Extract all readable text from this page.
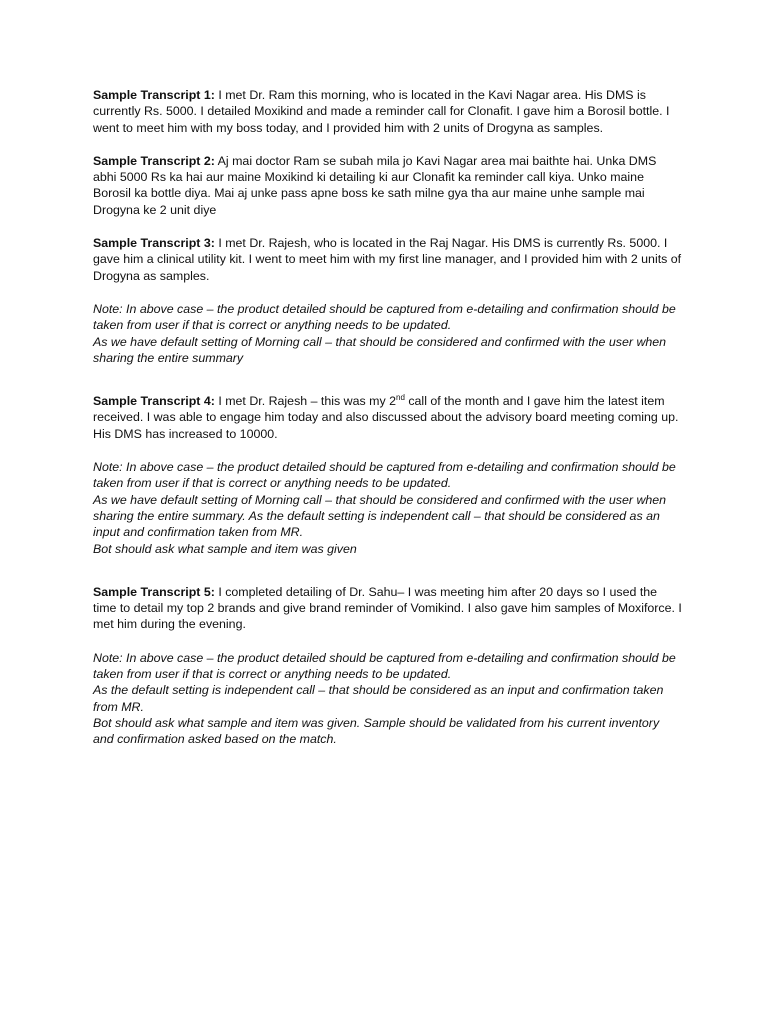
Sample Transcript 1: I met Dr. Ram this morning, who is located in the Kavi Nagar area. His DMS is currently Rs. 5000. I detailed Moxikind and made a reminder call for Clonafit. I gave him a Borosil bottle. I went to meet him with my boss today, and I provided him with 2 units of Drogyna as samples.

Sample Transcript 2: Aj mai doctor Ram se subah mila jo Kavi Nagar area mai baithte hai. Unka DMS abhi 5000 Rs ka hai aur maine Moxikind ki detailing ki aur Clonafit ka reminder call kiya. Unko maine Borosil ka bottle diya. Mai aj unke pass apne boss ke sath milne gya tha aur maine unhe sample mai Drogyna ke 2 unit diye

Sample Transcript 3: I met Dr. Rajesh, who is located in the Raj Nagar. His DMS is currently Rs. 5000. I gave him a clinical utility kit. I went to meet him with my first line manager, and I provided him with 2 units of Drogyna as samples.

Note: In above case – the product detailed should be captured from e-detailing and confirmation should be taken from user if that is correct or anything needs to be updated.
As we have default setting of Morning call – that should be considered and confirmed with the user when sharing the entire summary

Sample Transcript 4: I met Dr. Rajesh – this was my 2nd call of the month and I gave him the latest item received. I was able to engage him today and also discussed about the advisory board meeting coming up. His DMS has increased to 10000.

Note: In above case – the product detailed should be captured from e-detailing and confirmation should be taken from user if that is correct or anything needs to be updated.
As we have default setting of Morning call – that should be considered and confirmed with the user when sharing the entire summary. As the default setting is independent call – that should be considered as an input and confirmation taken from MR.
Bot should ask what sample and item was given

Sample Transcript 5: I completed detailing of Dr. Sahu– I was meeting him after 20 days so I used the time to detail my top 2 brands and give brand reminder of Vomikind. I also gave him samples of Moxiforce. I met him during the evening.

Note: In above case – the product detailed should be captured from e-detailing and confirmation should be taken from user if that is correct or anything needs to be updated.
As the default setting is independent call – that should be considered as an input and confirmation taken from MR.
Bot should ask what sample and item was given. Sample should be validated from his current inventory and confirmation asked based on the match.
